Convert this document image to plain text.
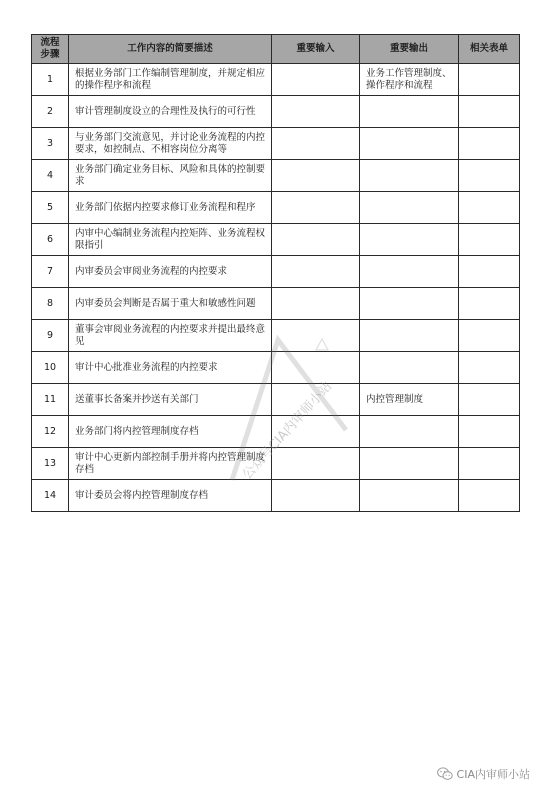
流程
步骤	工作内容的简要描述	重要输入	重要输出	相关表单
1	根据业务部门工作编制管理制度，并规定相应的操作程序和流程		业务工作管理制度、操作程序和流程	
2	审计管理制度设立的合理性及执行的可行性			
3	与业务部门交流意见，并讨论业务流程的内控要求，如控制点、不相容岗位分离等			
4	业务部门确定业务目标、风险和具体的控制要求			
5	业务部门依据内控要求修订业务流程和程序			
6	内审中心编制业务流程内控矩阵、业务流程权限指引			
7	内审委员会审阅业务流程的内控要求			
8	内审委员会判断是否属于重大和敏感性问题			
9	董事会审阅业务流程的内控要求并提出最终意见			
10	审计中心批准业务流程的内控要求			
11	送董事长备案并抄送有关部门		内控管理制度	
12	业务部门将内控管理制度存档			
13	审计中心更新内部控制手册并将内控管理制度存档			
14	审计委员会将内控管理制度存档			
公众号CIA内审师小站
CIA内审师小站
